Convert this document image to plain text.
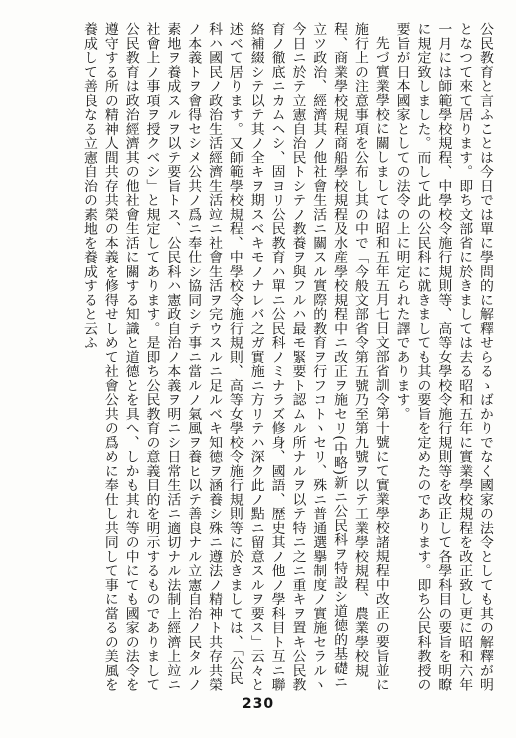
公民教育と言ふことは今日では單に學問的に解釋せらるゝばかりでなく國家の法令としても其の解釋が明となつて來て居ります。即ち文部省に於きましては去る昭和五年に實業學校規程を改正致し更に昭和六年一月には師範學校規程、中學校令施行規則等、高等女學校令施行規則等を改正して各學科目の要旨を明瞭に規定致しました。而して此の公民科に就きましても其の要旨を定めたのであります。即ち公民科教授の要旨が日本國家としての法令の上に明定られた譯であります。

先づ實業學校に關しましては昭和五年五月七日文部省訓令第十號にて實業學校諸規程中改正の要旨並に施行上の注意事項を公布し其の中で「今般文部省令第五號乃至第九號ヲ以テ工業學校規程、農業學校規程、商業學校規程商船學校規程及水産學校規程中ニ改正ヲ施セリ(中略)新ニ公民科ヲ特設シ道徳的基礎ニ立ツ政治、經濟其ノ他社會生活ニ關スル實際的教育ヲ行フコトヽセリ、殊ニ普通選擧制度ノ實施セラルヽ今日ニ於テ立憲自治民トシテノ教養ヲ與フルハ最モ緊要ト認ムル所ナルヲ以テ特ニ之ニ重キヲ置キ公民教育ノ徹底ニカムヘシ、固ヨリ公民教育ハ單ニ公民科ノミナラズ修身、國語、歴史其ノ他ノ學科目ト互ニ聯絡補綴シテ以テ其ノ全キヲ期スベキモノナレバ之ガ實施ニ方リテハ深ク此ノ點ニ留意スルヲ要ス」云々と述べて居ります。又師範學校規程、中學校令施行規則、高等女學校令施行規則等に於きましては、「公民科ハ國民ノ政治生活經濟生活竝ニ社會生活ヲ完ウスルニ足ルベキ知徳ヲ涵養シ殊ニ遵法ノ精神ト共存共榮ノ本義トヲ會得セシメ公共ノ爲ニ奉仕シ協同シテ事ニ當ルノ氣風ヲ養ヒ以テ善良ナル立憲自治ノ民タルノ素地ヲ養成スルヲ以テ要旨トス、公民科ハ憲政自治ノ本義ヲ明ニシ日常生活ニ適切ナル法制上經濟上竝ニ社會上ノ事項ヲ授クベシ」と規定してあります。是即ち公民教育の意義目的を明示するものでありまして公民教育は政治經濟其の他社會生活に關する知識と道德とを具へ、しかも其れ等の中にても國家の法令を遵守する所の精神人間共存共榮の本義を修得せしめて社會公共の爲めに奉仕し共同して事に當るの美風を養成して善良なる立憲自治の素地を養成すると云ふ

230
